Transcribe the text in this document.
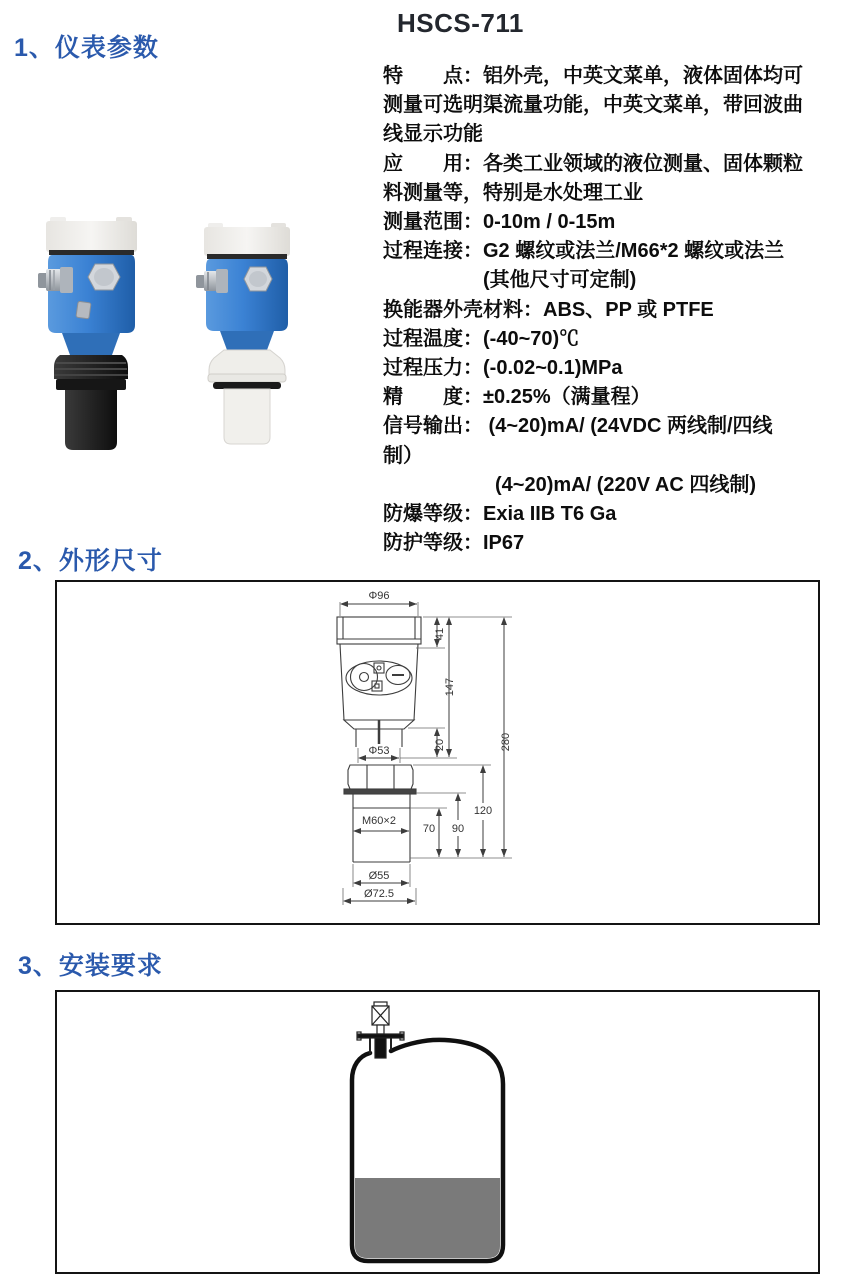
1、仪表参数
HSCS-711
特　　点：铝外壳，中英文菜单，液体固体均可
测量可选明渠流量功能，中英文菜单，带回波曲
线显示功能
应　　用：各类工业领域的液位测量、固体颗粒
料测量等，特别是水处理工业
测量范围：0-10m / 0-15m
过程连接：G2 螺纹或法兰/M66*2 螺纹或法兰
(其他尺寸可定制)
换能器外壳材料：ABS、PP 或 PTFE
过程温度：(-40~70)℃
过程压力：(-0.02~0.1)MPa
精　　度：±0.25%（满量程）
信号输出： (4~20)mA/ (24VDC 两线制/四线
制）
(4~20)mA/ (220V AC 四线制)
防爆等级：Exia IIB T6 Ga
防护等级：IP67
2、外形尺寸
Φ96
41
147
20
Φ53
M60×2
70 90
120
280
Ø55
Ø72.5
3、安装要求
